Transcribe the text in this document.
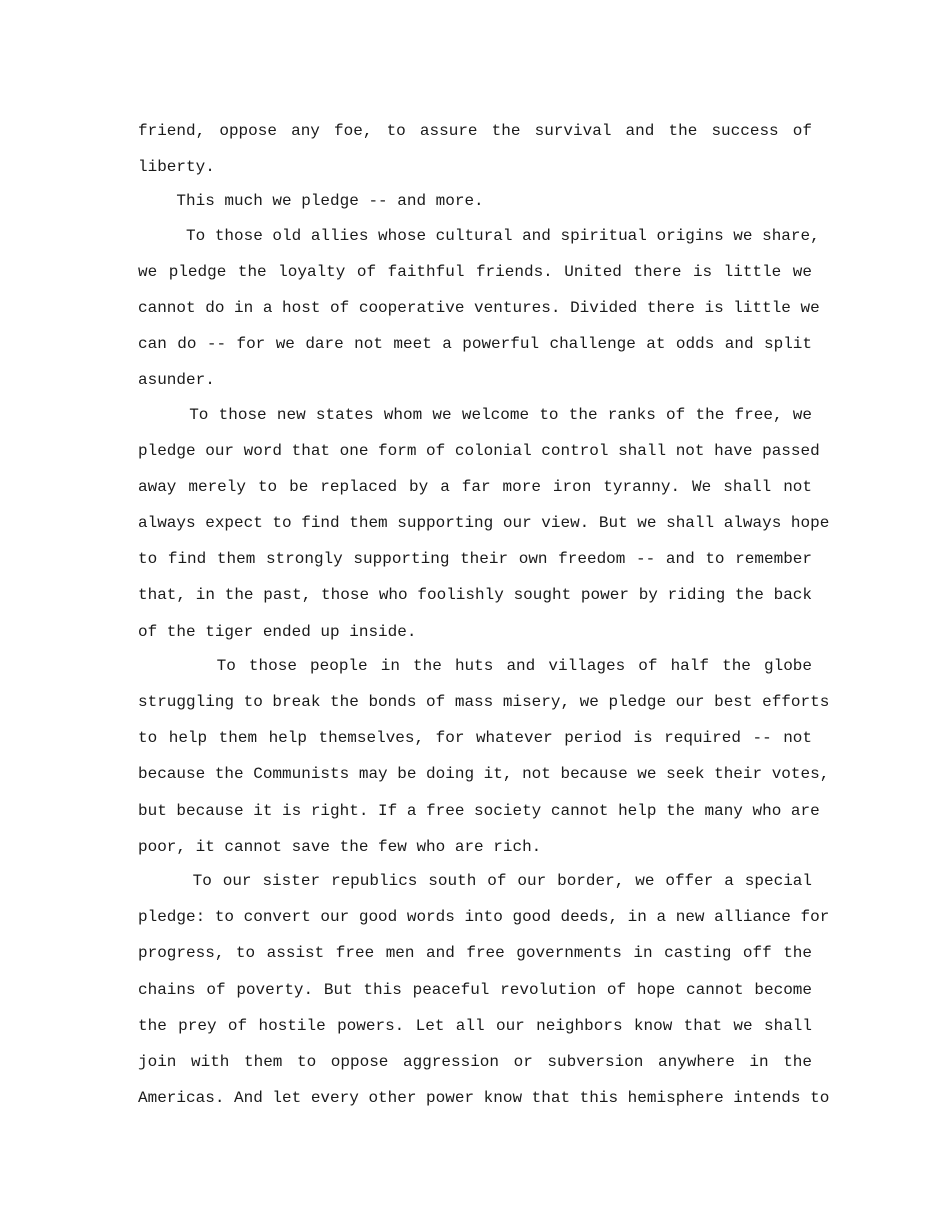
friend, oppose any foe, to assure the survival and the success of
liberty.
This much we pledge -- and more.
To those old allies whose cultural and spiritual origins we share,
we pledge the loyalty of faithful friends. United there is little we
cannot do in a host of cooperative ventures. Divided there is little we
can do -- for we dare not meet a powerful challenge at odds and split
asunder.
To those new states whom we welcome to the ranks of the free, we
pledge our word that one form of colonial control shall not have passed
away merely to be replaced by a far more iron tyranny. We shall not
always expect to find them supporting our view. But we shall always hope
to find them strongly supporting their own freedom -- and to remember
that, in the past, those who foolishly sought power by riding the back
of the tiger ended up inside.
To those people in the huts and villages of half the globe
struggling to break the bonds of mass misery, we pledge our best efforts
to help them help themselves, for whatever period is required -- not
because the Communists may be doing it, not because we seek their votes,
but because it is right. If a free society cannot help the many who are
poor, it cannot save the few who are rich.
To our sister republics south of our border, we offer a special
pledge: to convert our good words into good deeds, in a new alliance for
progress, to assist free men and free governments in casting off the
chains of poverty. But this peaceful revolution of hope cannot become
the prey of hostile powers. Let all our neighbors know that we shall
join with them to oppose aggression or subversion anywhere in the
Americas. And let every other power know that this hemisphere intends to
